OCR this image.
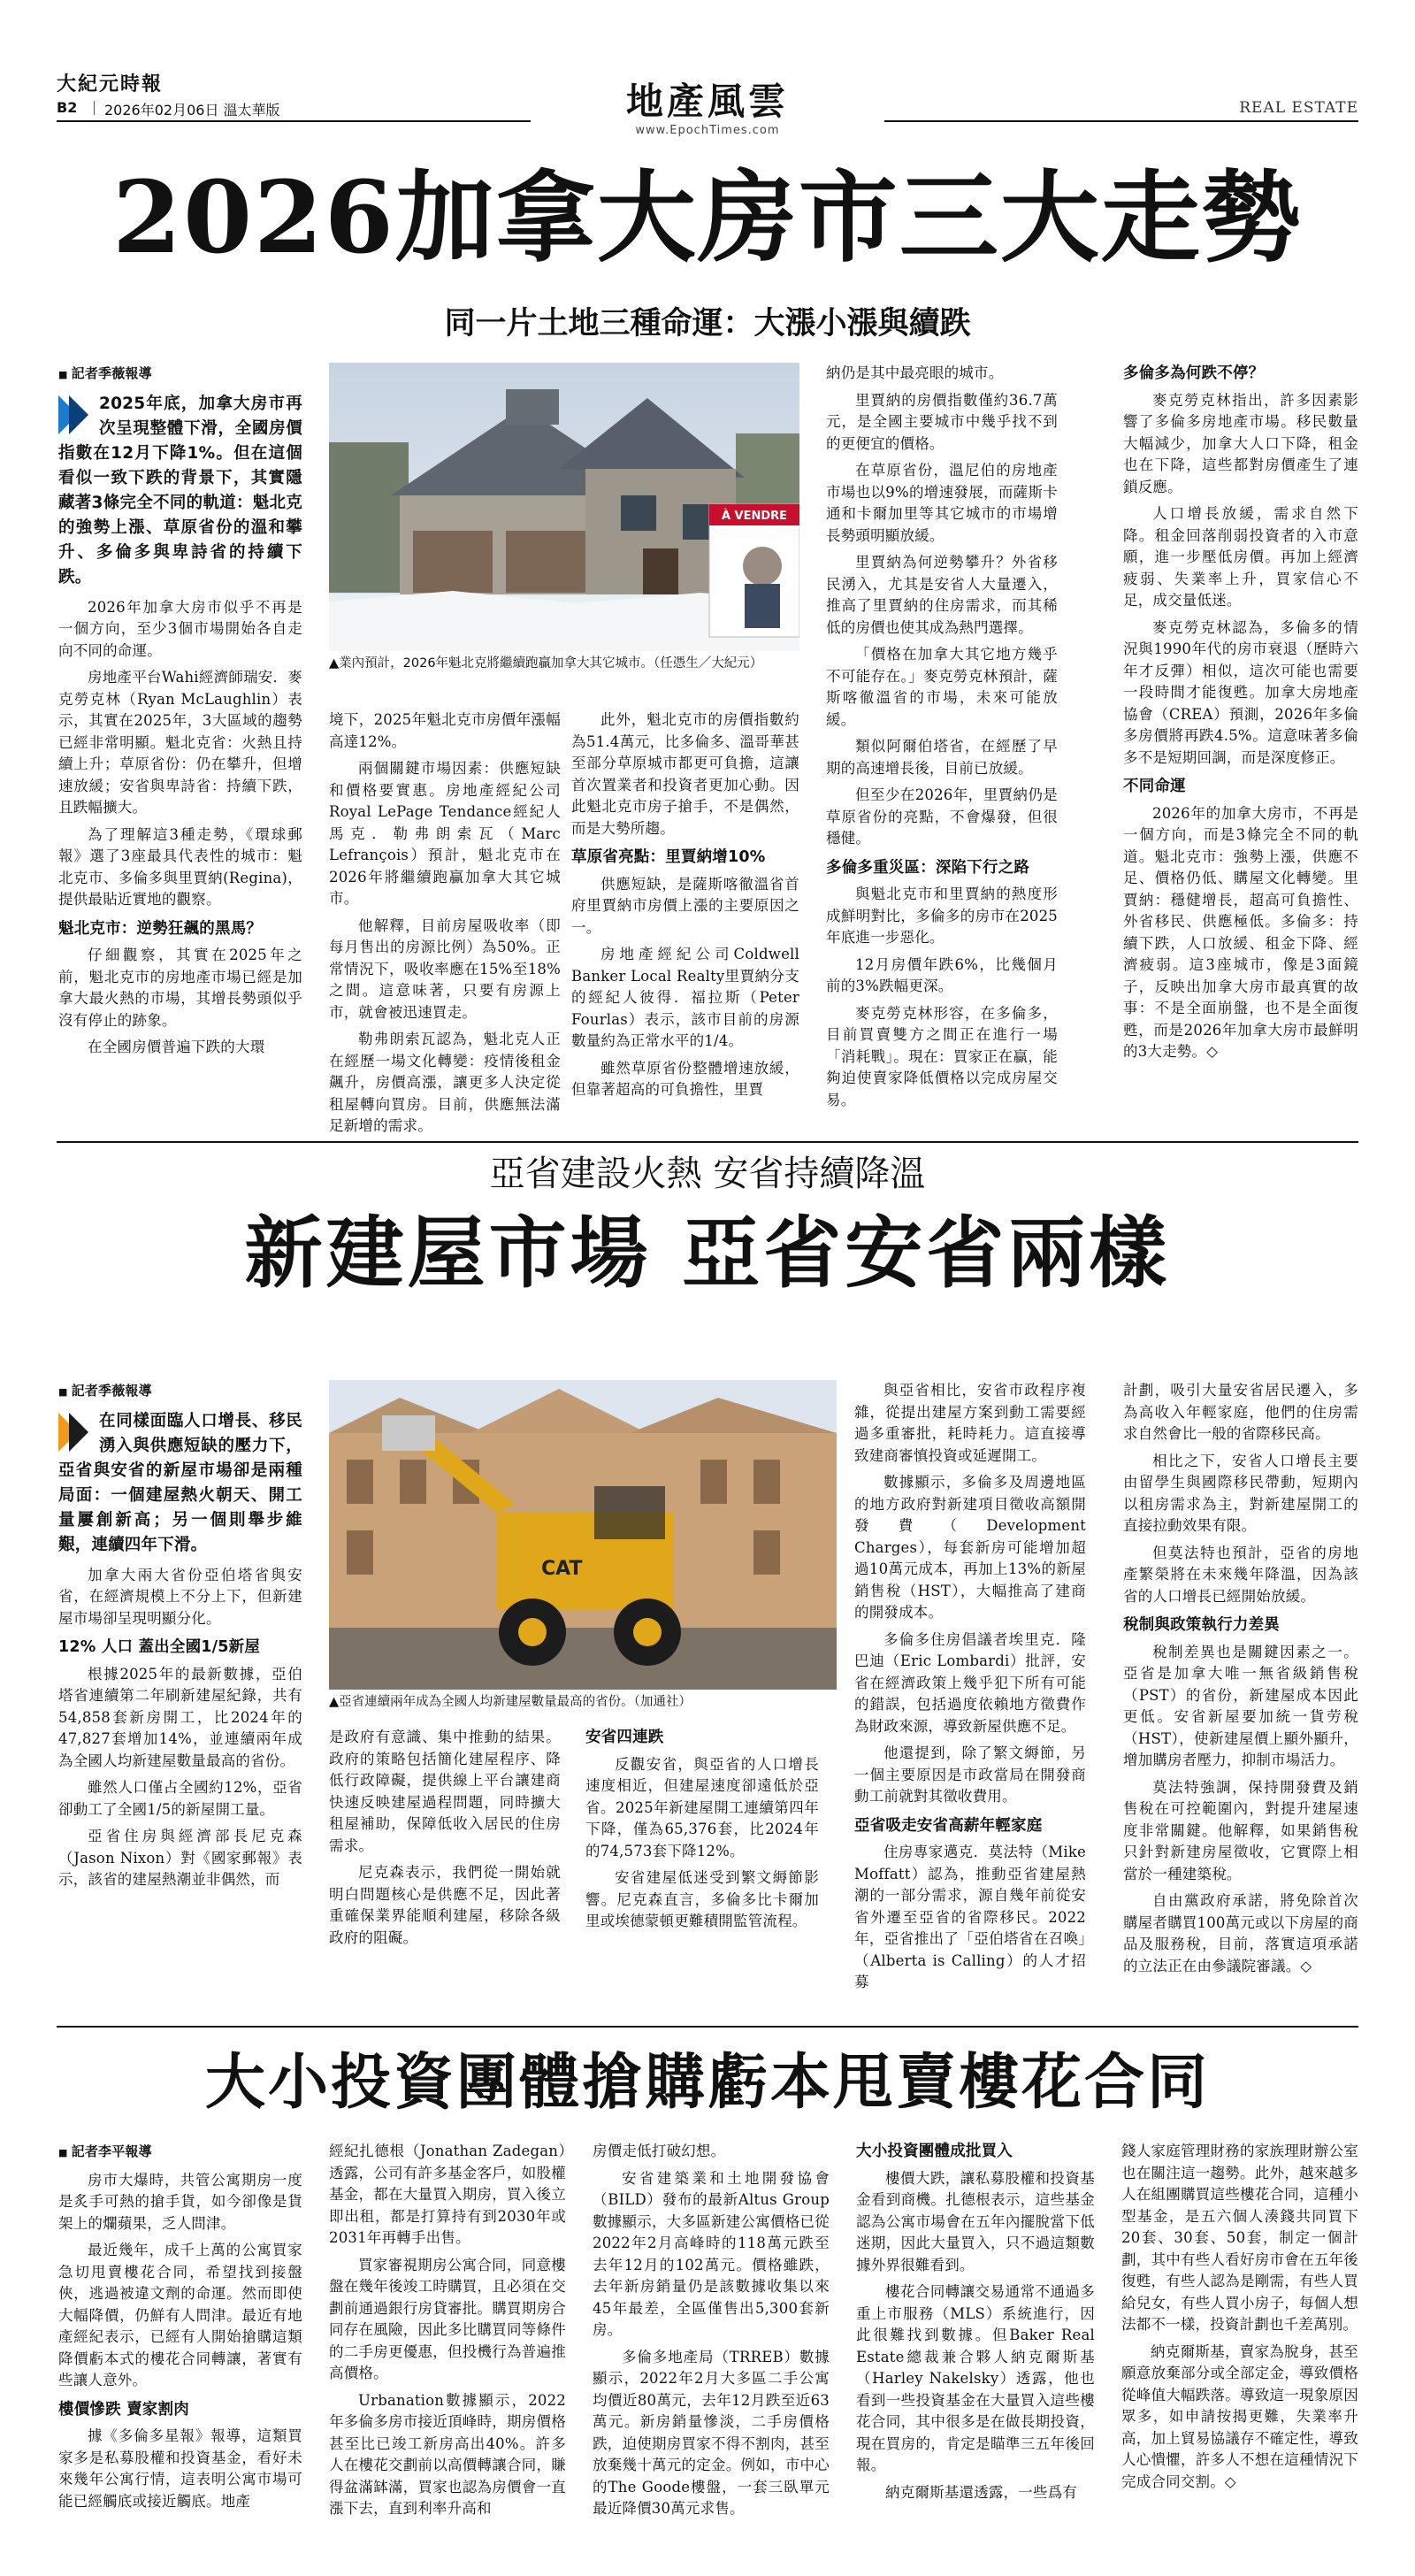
大紀元時報
B2 2026年02月06日 溫太華版	地產風雲
www.EpochTimes.com
REAL ESTATE
2026加拿大房市三大走勢
同一片土地三種命運：大漲小漲與續跌
■ 記者季薇報導
2025年底，加拿大房市再次呈現整體下滑，全國房價指數在12月下降1%。但在這個看似一致下跌的背景下，其實隱藏著3條完全不同的軌道：魁北克的強勢上漲、草原省份的溫和攀升、多倫多與卑詩省的持續下跌。

2026年加拿大房市似乎不再是一個方向，至少3個市場開始各自走向不同的命運。

房地產平台Wahi經濟師瑞安．麥克勞克林（Ryan McLaughlin）表示，其實在2025年，3大區域的趨勢已經非常明顯。魁北克省：火熱且持續上升；草原省份：仍在攀升，但增速放緩；安省與卑詩省：持續下跌，且跌幅擴大。

為了理解這3種走勢，《環球郵報》選了3座最具代表性的城市：魁北克市、多倫多與里賈納(Regina)，提供最貼近實地的觀察。

魁北克市：逆勢狂飆的黑馬？

仔細觀察，其實在2025年之前，魁北克市的房地產市場已經是加拿大最火熱的市場，其增長勢頭似乎沒有停止的跡象。

在全國房價普遍下跌的大環

À VENDRE
▲業內預計，2026年魁北克將繼續跑贏加拿大其它城市。（任憑生／大紀元）

境下，2025年魁北克市房價年漲幅高達12%。

兩個關鍵市場因素：供應短缺和價格要實惠。房地產經紀公司Royal LePage Tendance經紀人馬克．勒弗朗索瓦（Marc Lefrançois）預計，魁北克市在2026年將繼續跑贏加拿大其它城市。

他解釋，目前房屋吸收率（即每月售出的房源比例）為50%。正常情況下，吸收率應在15%至18%之間。這意味著，只要有房源上市，就會被迅速買走。

勒弗朗索瓦認為，魁北克人正在經歷一場文化轉變：疫情後租金飆升，房價高漲，讓更多人決定從租屋轉向買房。目前，供應無法滿足新增的需求。

此外，魁北克市的房價指數約為51.4萬元，比多倫多、溫哥華甚至部分草原城市都更可負擔，這讓首次置業者和投資者更加心動。因此魁北克市房子搶手，不是偶然，而是大勢所趨。

草原省亮點：里賈納增10%

供應短缺，是薩斯喀徹溫省首府里賈納市房價上漲的主要原因之一。

房地產經紀公司Coldwell Banker Local Realty里賈納分支的經紀人彼得．福拉斯（Peter Fourlas）表示，該市目前的房源數量約為正常水平的1/4。

雖然草原省份整體增速放緩，但靠著超高的可負擔性，里賈

納仍是其中最亮眼的城市。

里賈納的房價指數僅約36.7萬元，是全國主要城市中幾乎找不到的更便宜的價格。

在草原省份，溫尼伯的房地產市場也以9%的增速發展，而薩斯卡通和卡爾加里等其它城市的市場增長勢頭明顯放緩。

里賈納為何逆勢攀升？外省移民湧入，尤其是安省人大量遷入，推高了里賈納的住房需求，而其稀低的房價也使其成為熱門選擇。

「價格在加拿大其它地方幾乎不可能存在。」麥克勞克林預計，薩斯喀徹溫省的市場，未來可能放緩。

類似阿爾伯塔省，在經歷了早期的高速增長後，目前已放緩。

但至少在2026年，里賈納仍是草原省份的亮點，不會爆發，但很穩健。

多倫多重災區：深陷下行之路

與魁北克市和里賈納的熱度形成鮮明對比，多倫多的房市在2025年底進一步惡化。

12月房價年跌6%，比幾個月前的3%跌幅更深。

麥克勞克林形容，在多倫多，目前買賣雙方之間正在進行一場「消耗戰」。現在：買家正在贏，能夠迫使賣家降低價格以完成房屋交易。

多倫多為何跌不停？

麥克勞克林指出，許多因素影響了多倫多房地產市場。移民數量大幅減少，加拿大人口下降，租金也在下降，這些都對房價產生了連鎖反應。

人口增長放緩，需求自然下降。租金回落削弱投資者的入市意願，進一步壓低房價。再加上經濟疲弱、失業率上升，買家信心不足，成交量低迷。

麥克勞克林認為，多倫多的情況與1990年代的房市衰退（歷時六年才反彈）相似，這次可能也需要一段時間才能復甦。加拿大房地產協會（CREA）預測，2026年多倫多房價將再跌4.5%。這意味著多倫多不是短期回調，而是深度修正。

不同命運

2026年的加拿大房市，不再是一個方向，而是3條完全不同的軌道。魁北克市：強勢上漲，供應不足、價格仍低、購屋文化轉變。里賈納：穩健增長，超高可負擔性、外省移民、供應極低。多倫多：持續下跌，人口放緩、租金下降、經濟疲弱。這3座城市，像是3面鏡子，反映出加拿大房市最真實的故事：不是全面崩盤，也不是全面復甦，而是2026年加拿大房市最鮮明的3大走勢。◇

亞省建設火熱 安省持續降溫
新建屋市場 亞省安省兩樣
■ 記者季薇報導
在同樣面臨人口增長、移民湧入與供應短缺的壓力下，亞省與安省的新屋市場卻是兩種局面：一個建屋熱火朝天、開工量屢創新高；另一個則舉步維艱，連續四年下滑。

加拿大兩大省份亞伯塔省與安省，在經濟規模上不分上下，但新建屋市場卻呈現明顯分化。

12% 人口 蓋出全國1/5新屋

根據2025年的最新數據，亞伯塔省連續第二年刷新建屋紀錄，共有54,858套新房開工，比2024年的47,827套增加14%，並連續兩年成為全國人均新建屋數量最高的省份。

雖然人口僅占全國約12%，亞省卻動工了全國1/5的新屋開工量。

亞省住房與經濟部長尼克森（Jason Nixon）對《國家郵報》表示，該省的建屋熱潮並非偶然，而

CAT
▲亞省連續兩年成為全國人均新建屋數量最高的省份。（加通社）

是政府有意識、集中推動的結果。政府的策略包括簡化建屋程序、降低行政障礙，提供線上平台讓建商快速反映建屋過程問題，同時擴大租屋補助，保障低收入居民的住房需求。

尼克森表示，我們從一開始就明白問題核心是供應不足，因此著重確保業界能順利建屋，移除各級政府的阻礙。

安省四連跌

反觀安省，與亞省的人口增長速度相近，但建屋速度卻遠低於亞省。2025年新建屋開工連續第四年下降，僅為65,376套，比2024年的74,573套下降12%。

安省建屋低迷受到繁文縟節影響。尼克森直言，多倫多比卡爾加里或埃德蒙頓更難積開監管流程。

與亞省相比，安省市政程序複雜，從提出建屋方案到動工需要經過多重審批，耗時耗力。這直接導致建商審慎投資或延遲開工。

數據顯示，多倫多及周邊地區的地方政府對新建項目徵收高額開發費（Development Charges），每套新房可能增加超過10萬元成本，再加上13%的新屋銷售稅（HST），大幅推高了建商的開發成本。

多倫多住房倡議者埃里克．隆巴迪（Eric Lombardi）批評，安省在經濟政策上幾乎犯下所有可能的錯誤，包括過度依賴地方徵費作為財政來源，導致新屋供應不足。

他還提到，除了繁文縟節，另一個主要原因是市政當局在開發商動工前就對其徵收費用。

亞省吸走安省高薪年輕家庭

住房專家邁克．莫法特（Mike Moffatt）認為，推動亞省建屋熱潮的一部分需求，源自幾年前從安省外遷至亞省的省際移民。2022年，亞省推出了「亞伯塔省在召喚」（Alberta is Calling）的人才招募

計劃，吸引大量安省居民遷入，多為高收入年輕家庭，他們的住房需求自然會比一般的省際移民高。

相比之下，安省人口增長主要由留學生與國際移民帶動，短期內以租房需求為主，對新建屋開工的直接拉動效果有限。

但莫法特也預計，亞省的房地產繁榮將在未來幾年降溫，因為該省的人口增長已經開始放緩。

稅制與政策執行力差異

稅制差異也是關鍵因素之一。亞省是加拿大唯一無省級銷售稅（PST）的省份，新建屋成本因此更低。安省新屋要加統一貨劳稅（HST），使新建屋價上顯外顯升，增加購房者壓力，抑制市場活力。

莫法特強調，保持開發費及銷售稅在可控範圍內，對提升建屋速度非常關鍵。他解釋，如果銷售稅只針對新建房屋徵收，它實際上相當於一種建築稅。

自由黨政府承諾，將免除首次購屋者購買100萬元或以下房屋的商品及服務稅，目前，落實這項承諾的立法正在由參議院審議。◇

大小投資團體搶購虧本甩賣樓花合同
■ 記者李平報導

房市大爆時，共管公寓期房一度是炙手可熱的搶手貨，如今卻像是貨架上的爛蘋果，乏人問津。

最近幾年，成千上萬的公寓買家急切甩賣樓花合同，希望找到接盤俠，逃過被違文劑的命運。然而即使大幅降價，仍鮮有人問津。最近有地產經紀表示，已經有人開始搶購這類降價虧本式的樓花合同轉讓，著實有些讓人意外。

樓價慘跌 賣家割肉

據《多倫多星報》報導，這類買家多是私募股權和投資基金，看好未來幾年公寓行情，這表明公寓市場可能已經觸底或接近觸底。地產

經紀扎德根（Jonathan Zadegan）透露，公司有許多基金客戶，如股權基金，都在大量買入期房，買入後立即出租，都是打算持有到2030年或2031年再轉手出售。

買家審視期房公寓合同，同意樓盤在幾年後竣工時購買，且必須在交劃前通過銀行房貸審批。購買期房合同存在風險，因此多比購買同等條件的二手房更優惠，但投機行為普遍推高價格。

Urbanation數據顯示，2022年多倫多房市接近頂峰時，期房價格甚至比已竣工新房高出40%。許多人在樓花交劃前以高價轉讓合同，賺得盆滿缽滿，買家也認為房價會一直漲下去，直到利率升高和

房價走低打破幻想。

安省建築業和土地開發協會（BILD）發布的最新Altus Group數據顯示，大多區新建公寓價格已從2022年2月高峰時的118萬元跌至去年12月的102萬元。價格雖跌，去年新房銷量仍是該數據收集以來45年最差，全區僅售出5,300套新房。

多倫多地產局（TRREB）數據顯示，2022年2月大多區二手公寓均價近80萬元，去年12月跌至近63萬元。新房銷量慘淡，二手房價格跌，迫使期房買家不得不割肉，甚至放棄幾十萬元的定金。例如，市中心的The Goode樓盤，一套三臥單元最近降價30萬元求售。

大小投資團體成批買入

樓價大跌，讓私募股權和投資基金看到商機。扎德根表示，這些基金認為公寓市場會在五年內擺脫當下低迷期，因此大量買入，只不過這類數據外界很難看到。

樓花合同轉讓交易通常不通過多重上市服務（MLS）系統進行，因此很難找到數據。但Baker Real Estate總裁兼合夥人納克爾斯基（Harley Nakelsky）透露，他也看到一些投資基金在大量買入這些樓花合同，其中很多是在做長期投資，現在買房的，肯定是瞄準三五年後回報。

納克爾斯基還透露，一些爲有

錢人家庭管理財務的家族理財辦公室也在關注這一趨勢。此外，越來越多人在組團購買這些樓花合同，這種小型基金，是五六個人湊錢共同買下20套、30套、50套，制定一個計劃，其中有些人看好房市會在五年後復甦，有些人認為是剛需，有些人買給兒女，有些人買小房子，每個人想法都不一樣，投資計劃也千差萬別。

納克爾斯基，賣家為脫身，甚至願意放棄部分或全部定金，導致價格從峰值大幅跌落。導致這一現象原因眾多，如申請按揭更難，失業率升高，加上貿易協議存不確定性，導致人心憒懼，許多人不想在這種情況下完成合同交割。◇
